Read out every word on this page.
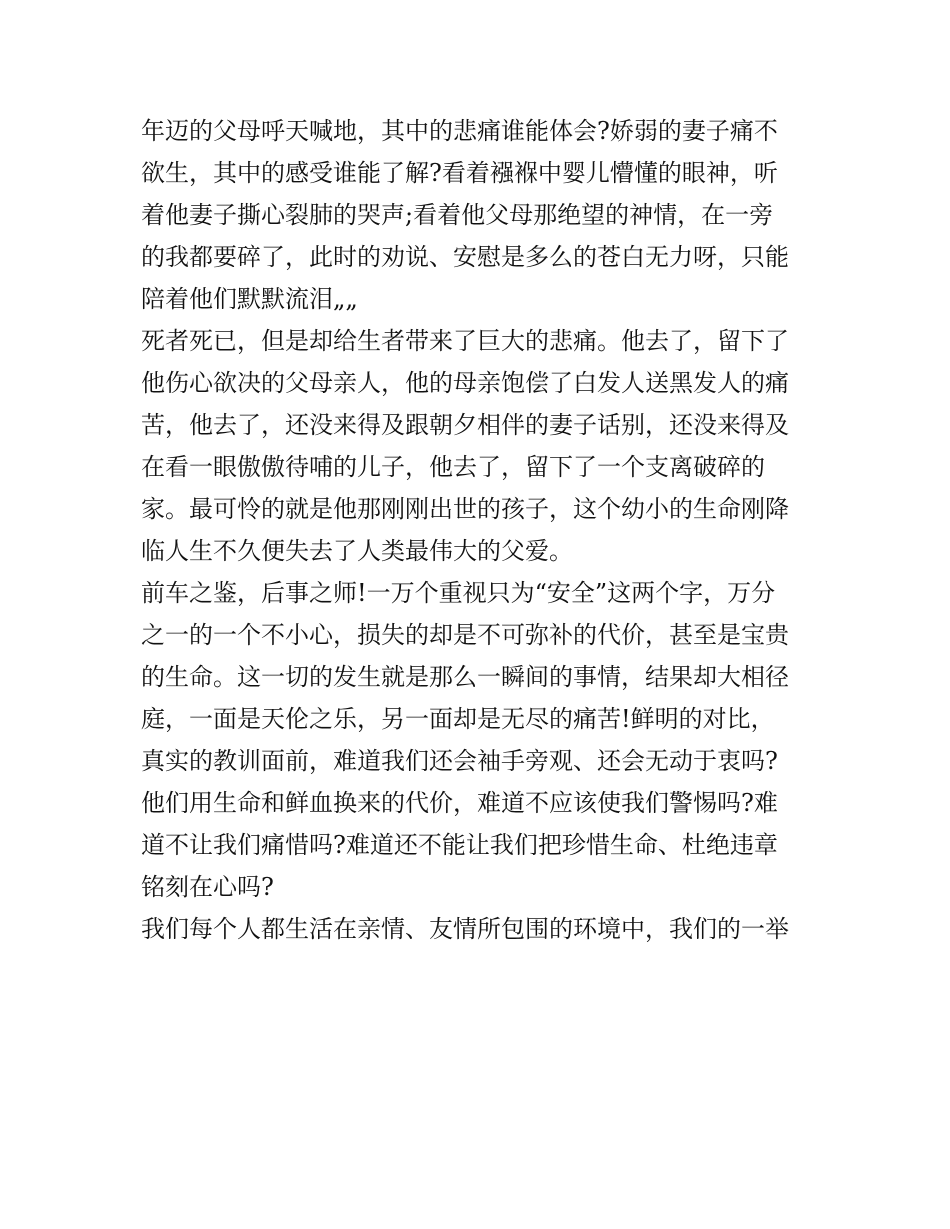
年迈的父母呼天喊地，其中的悲痛谁能体会?娇弱的妻子痛不
欲生，其中的感受谁能了解?看着襁褓中婴儿懵懂的眼神，听
着他妻子撕心裂肺的哭声;看着他父母那绝望的神情，在一旁
的我都要碎了，此时的劝说、安慰是多么的苍白无力呀，只能
陪着他们默默流泪„„
死者死已，但是却给生者带来了巨大的悲痛。他去了，留下了
他伤心欲决的父母亲人，他的母亲饱偿了白发人送黑发人的痛
苦，他去了，还没来得及跟朝夕相伴的妻子话别，还没来得及
在看一眼傲傲待哺的儿子，他去了，留下了一个支离破碎的
家。最可怜的就是他那刚刚出世的孩子，这个幼小的生命刚降
临人生不久便失去了人类最伟大的父爱。
前车之鉴，后事之师!一万个重视只为“安全”这两个字，万分
之一的一个不小心，损失的却是不可弥补的代价，甚至是宝贵
的生命。这一切的发生就是那么一瞬间的事情，结果却大相径
庭，一面是天伦之乐，另一面却是无尽的痛苦!鲜明的对比，
真实的教训面前，难道我们还会袖手旁观、还会无动于衷吗?
他们用生命和鲜血换来的代价，难道不应该使我们警惕吗?难
道不让我们痛惜吗?难道还不能让我们把珍惜生命、杜绝违章
铭刻在心吗?
我们每个人都生活在亲情、友情所包围的环境中，我们的一举
